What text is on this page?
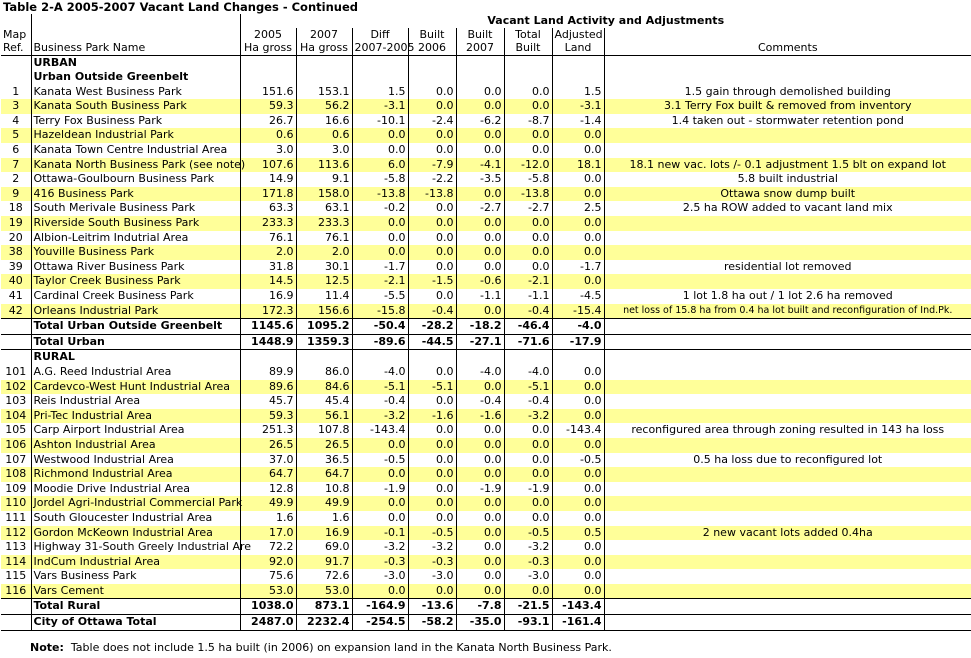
Table 2-A 2005-2007 Vacant Land Changes - Continued
		Vacant Land Activity and Adjustments							
Map		2005	2007	Diff	Built	Built	Total	Adjusted	
Ref.	Business Park Name	Ha gross	Ha gross	2007-2005	2006	2007	Built	Land	Comments
	URBAN								
	Urban Outside Greenbelt								
1	Kanata West Business Park	151.6	153.1	1.5	0.0	0.0	0.0	1.5	1.5 gain through demolished building
3	Kanata South Business Park	59.3	56.2	-3.1	0.0	0.0	0.0	-3.1	3.1 Terry Fox built & removed from inventory
4	Terry Fox Business Park	26.7	16.6	-10.1	-2.4	-6.2	-8.7	-1.4	1.4 taken out - stormwater retention pond
5	Hazeldean Industrial Park	0.6	0.6	0.0	0.0	0.0	0.0	0.0	
6	Kanata Town Centre Industrial Area	3.0	3.0	0.0	0.0	0.0	0.0	0.0	
7	Kanata North Business Park (see note)	107.6	113.6	6.0	-7.9	-4.1	-12.0	18.1	18.1 new vac. lots /- 0.1 adjustment 1.5 blt on expand lot
2	Ottawa-Goulbourn Business Park	14.9	9.1	-5.8	-2.2	-3.5	-5.8	0.0	5.8 built industrial
9	416 Business Park	171.8	158.0	-13.8	-13.8	0.0	-13.8	0.0	Ottawa snow dump built
18	South Merivale Business Park	63.3	63.1	-0.2	0.0	-2.7	-2.7	2.5	2.5 ha ROW added to vacant land mix
19	Riverside South Business Park	233.3	233.3	0.0	0.0	0.0	0.0	0.0	
20	Albion-Leitrim Indutrial Area	76.1	76.1	0.0	0.0	0.0	0.0	0.0	
38	Youville Business Park	2.0	2.0	0.0	0.0	0.0	0.0	0.0	
39	Ottawa River Business Park	31.8	30.1	-1.7	0.0	0.0	0.0	-1.7	residential lot removed
40	Taylor Creek Business Park	14.5	12.5	-2.1	-1.5	-0.6	-2.1	0.0	
41	Cardinal Creek Business Park	16.9	11.4	-5.5	0.0	-1.1	-1.1	-4.5	1 lot 1.8 ha out / 1 lot 2.6 ha removed
42	Orleans Industrial Park	172.3	156.6	-15.8	-0.4	0.0	-0.4	-15.4	net loss of 15.8 ha from 0.4 ha lot built and reconfiguration of Ind.Pk.
	Total Urban Outside Greenbelt	1145.6	1095.2	-50.4	-28.2	-18.2	-46.4	-4.0	
	Total Urban	1448.9	1359.3	-89.6	-44.5	-27.1	-71.6	-17.9	
	RURAL								
101	A.G. Reed Industrial Area	89.9	86.0	-4.0	0.0	-4.0	-4.0	0.0	
102	Cardevco-West Hunt Industrial Area	89.6	84.6	-5.1	-5.1	0.0	-5.1	0.0	
103	Reis Industrial Area	45.7	45.4	-0.4	0.0	-0.4	-0.4	0.0	
104	Pri-Tec Industrial Area	59.3	56.1	-3.2	-1.6	-1.6	-3.2	0.0	
105	Carp Airport Industrial Area	251.3	107.8	-143.4	0.0	0.0	0.0	-143.4	reconfigured area through zoning resulted in 143 ha loss
106	Ashton Industrial Area	26.5	26.5	0.0	0.0	0.0	0.0	0.0	
107	Westwood Industrial Area	37.0	36.5	-0.5	0.0	0.0	0.0	-0.5	0.5 ha loss due to reconfigured lot
108	Richmond Industrial Area	64.7	64.7	0.0	0.0	0.0	0.0	0.0	
109	Moodie Drive Industrial Area	12.8	10.8	-1.9	0.0	-1.9	-1.9	0.0	
110	Jordel Agri-Industrial Commercial Park	49.9	49.9	0.0	0.0	0.0	0.0	0.0	
111	South Gloucester Industrial Area	1.6	1.6	0.0	0.0	0.0	0.0	0.0	
112	Gordon McKeown Industrial Area	17.0	16.9	-0.1	-0.5	0.0	-0.5	0.5	2 new vacant lots added 0.4ha
113	Highway 31-South Greely Industrial Are	72.2	69.0	-3.2	-3.2	0.0	-3.2	0.0	
114	IndCum Industrial Area	92.0	91.7	-0.3	-0.3	0.0	-0.3	0.0	
115	Vars Business Park	75.6	72.6	-3.0	-3.0	0.0	-3.0	0.0	
116	Vars Cement	53.0	53.0	0.0	0.0	0.0	0.0	0.0	
	Total Rural	1038.0	873.1	-164.9	-13.6	-7.8	-21.5	-143.4	
	City of Ottawa Total	2487.0	2232.4	-254.5	-58.2	-35.0	-93.1	-161.4	
Note: Table does not include 1.5 ha built (in 2006) on expansion land in the Kanata North Business Park.
